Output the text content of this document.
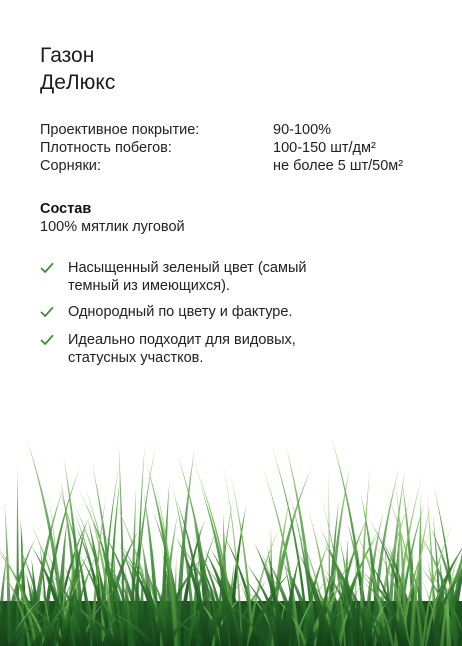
Газон
ДеЛюкс
Проективное покрытие:	90-100%
Плотность побегов:	100-150 шт/дм²
Сорняки:	не более 5 шт/50м²
Состав
100% мятлик луговой
Насыщенный зеленый цвет (самый темный из имеющихся).
Однородный по цвету и фактуре.
Идеально подходит для видовых, статусных участков.
